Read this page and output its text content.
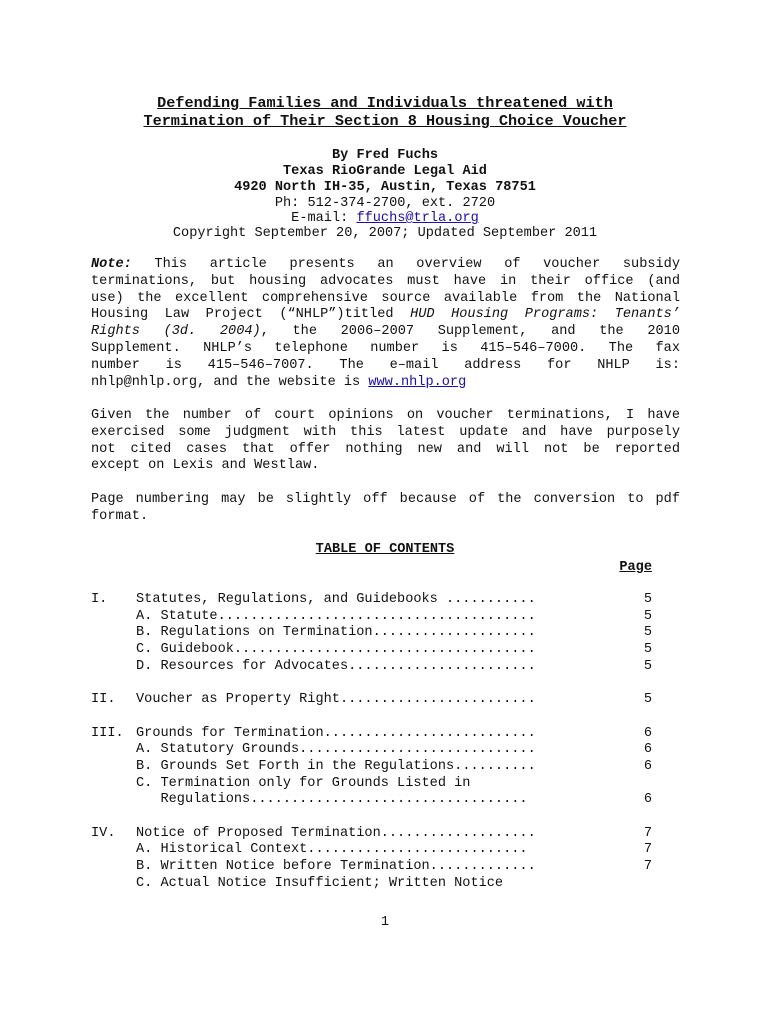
Defending Families and Individuals threatened with
Termination of Their Section 8 Housing Choice Voucher
By Fred Fuchs
Texas RioGrande Legal Aid
4920 North IH-35, Austin, Texas 78751
Ph: 512-374-2700, ext. 2720
E-mail: ffuchs@trla.org
Copyright September 20, 2007; Updated September 2011
Note: This article presents an overview of voucher subsidy
terminations, but housing advocates must have in their office (and
use) the excellent comprehensive source available from the National
Housing Law Project (“NHLP”)titled HUD Housing Programs: Tenants’
Rights (3d. 2004), the 2006–2007 Supplement, and the 2010
Supplement. NHLP’s telephone number is 415–546–7000. The fax
number is 415–546–7007. The e–mail address for NHLP is:
nhlp@nhlp.org, and the website is www.nhlp.org
Given the number of court opinions on voucher terminations, I have
exercised some judgment with this latest update and have purposely
not cited cases that offer nothing new and will not be reported
except on Lexis and Westlaw.
Page numbering may be slightly off because of the conversion to pdf
format.
TABLE OF CONTENTS
Page
I. Statutes, Regulations, and Guidebooks ...........	5
A. Statute.......................................	5
B. Regulations on Termination....................	5
C. Guidebook.....................................	5
D. Resources for Advocates.......................	5
II. Voucher as Property Right........................	5
III. Grounds for Termination..........................	6
A. Statutory Grounds.............................	6
B. Grounds Set Forth in the Regulations..........	6
C. Termination only for Grounds Listed in
Regulations..................................	6
IV. Notice of Proposed Termination...................	7
A. Historical Context...........................	7
B. Written Notice before Termination.............	7
C. Actual Notice Insufficient; Written Notice
1
